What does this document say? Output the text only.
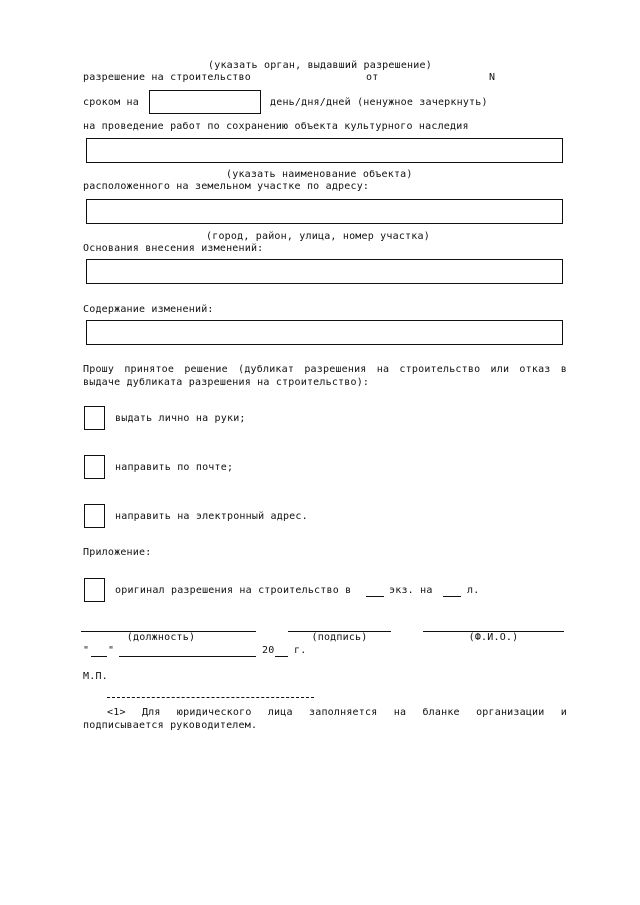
(указать орган, выдавший разрешение)
разрешение на строительство	от	N
сроком на	день/дня/дней (ненужное зачеркнуть)
на проведение работ по сохранению объекта культурного наследия
(указать наименование объекта)
расположенного на земельном участке по адресу:
(город, район, улица, номер участка)
Основания внесения изменений:
Содержание изменений:
Прошу принятое решение (дубликат разрешения на строительство или отказ в
выдаче дубликата разрешения на строительство):
выдать лично на руки;
направить по почте;
направить на электронный адрес.
Приложение:
оригинал разрешения на строительство в	экз. на	л.
(должность)	(подпись)	(Ф.И.О.)
" "	20 г.
М.П.
<1> Для юридического лица заполняется на бланке организации и подписывается руководителем.
